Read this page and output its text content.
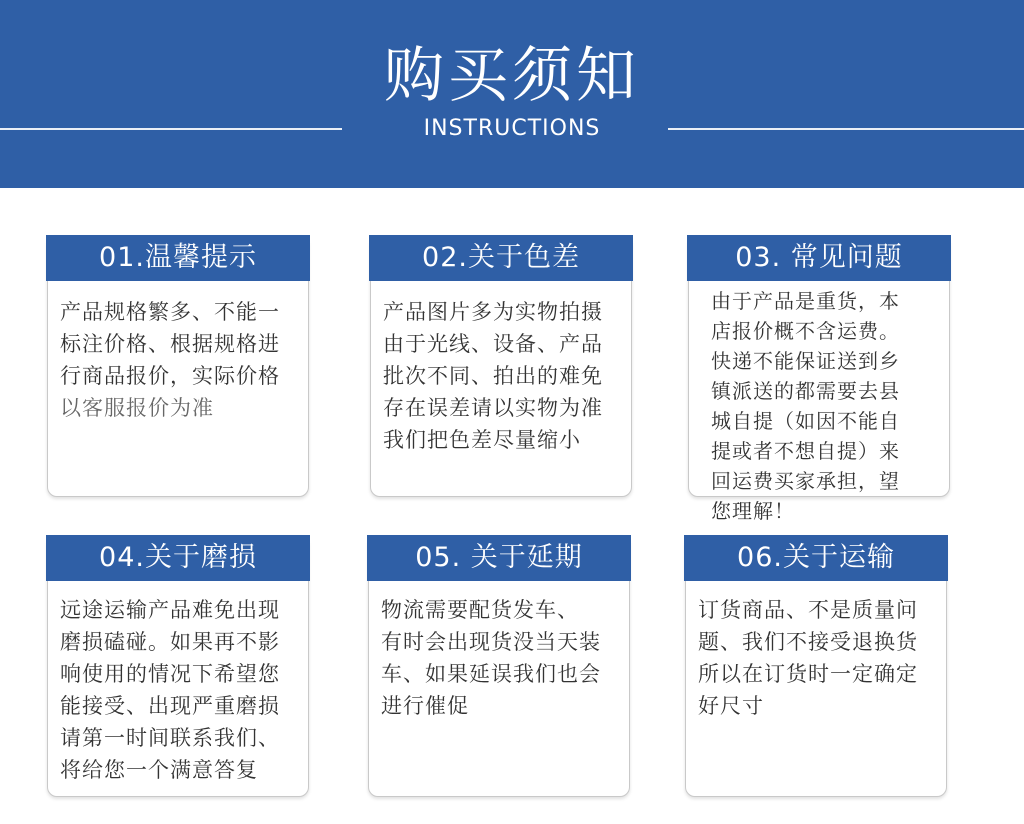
购买须知
INSTRUCTIONS
01.温馨提示
产品规格繁多、不能一
标注价格、根据规格进
行商品报价，实际价格
以客服报价为准
02.关于色差
产品图片多为实物拍摄
由于光线、设备、产品
批次不同、拍出的难免
存在误差请以实物为准
我们把色差尽量缩小
03. 常见问题
由于产品是重货，本
店报价概不含运费。
快递不能保证送到乡
镇派送的都需要去县
城自提（如因不能自
提或者不想自提）来
回运费买家承担，望
您理解！
04.关于磨损
远途运输产品难免出现
磨损磕碰。如果再不影
响使用的情况下希望您
能接受、出现严重磨损
请第一时间联系我们、
将给您一个满意答复
05. 关于延期
物流需要配货发车、
有时会出现货没当天装
车、如果延误我们也会
进行催促
06.关于运输
订货商品、不是质量问
题、我们不接受退换货
所以在订货时一定确定
好尺寸
